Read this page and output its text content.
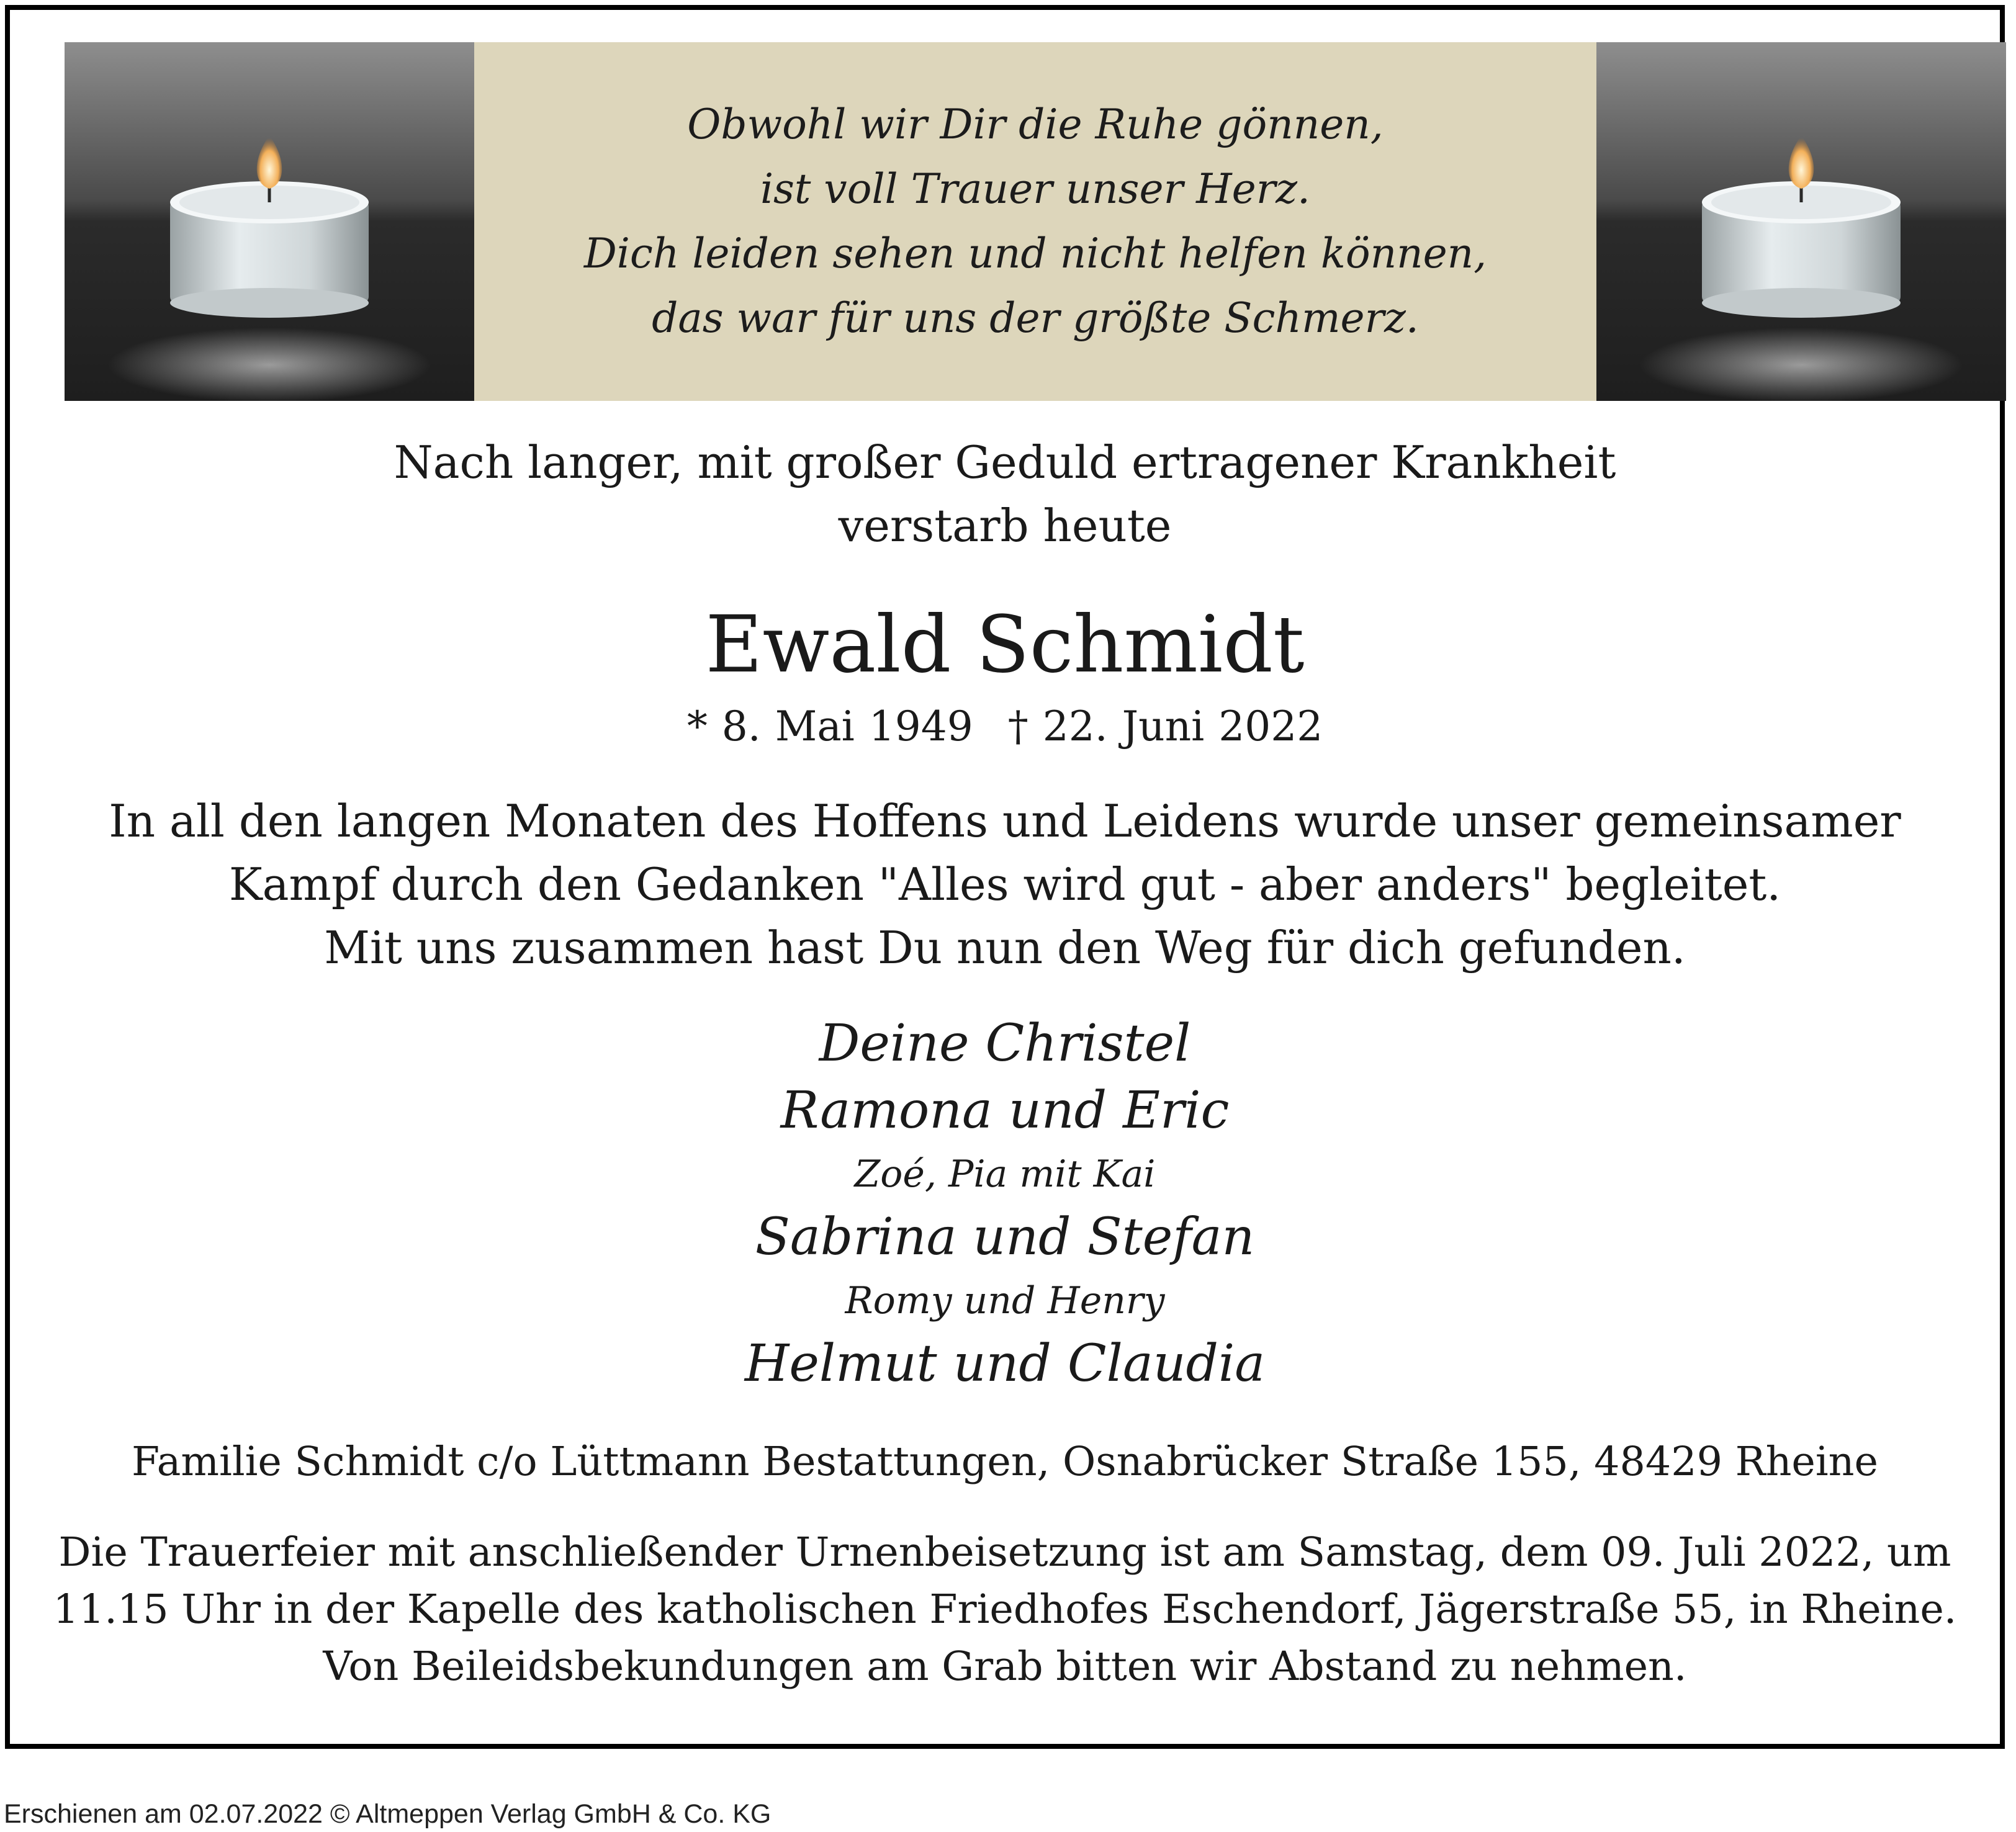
Obwohl wir Dir die Ruhe gönnen,
ist voll Trauer unser Herz.
Dich leiden sehen und nicht helfen können,
das war für uns der größte Schmerz.
Nach langer, mit großer Geduld ertragener Krankheit
verstarb heute
Ewald Schmidt
* 8. Mai 1949 † 22. Juni 2022
In all den langen Monaten des Hoffens und Leidens wurde unser gemeinsamer
Kampf durch den Gedanken "Alles wird gut - aber anders" begleitet.
Mit uns zusammen hast Du nun den Weg für dich gefunden.
Deine Christel
Ramona und Eric
Zoé, Pia mit Kai
Sabrina und Stefan
Romy und Henry
Helmut und Claudia
Familie Schmidt c/o Lüttmann Bestattungen, Osnabrücker Straße 155, 48429 Rheine
Die Trauerfeier mit anschließender Urnenbeisetzung ist am Samstag, dem 09. Juli 2022, um
11.15 Uhr in der Kapelle des katholischen Friedhofes Eschendorf, Jägerstraße 55, in Rheine.
Von Beileidsbekundungen am Grab bitten wir Abstand zu nehmen.
Erschienen am 02.07.2022 © Altmeppen Verlag GmbH & Co. KG
